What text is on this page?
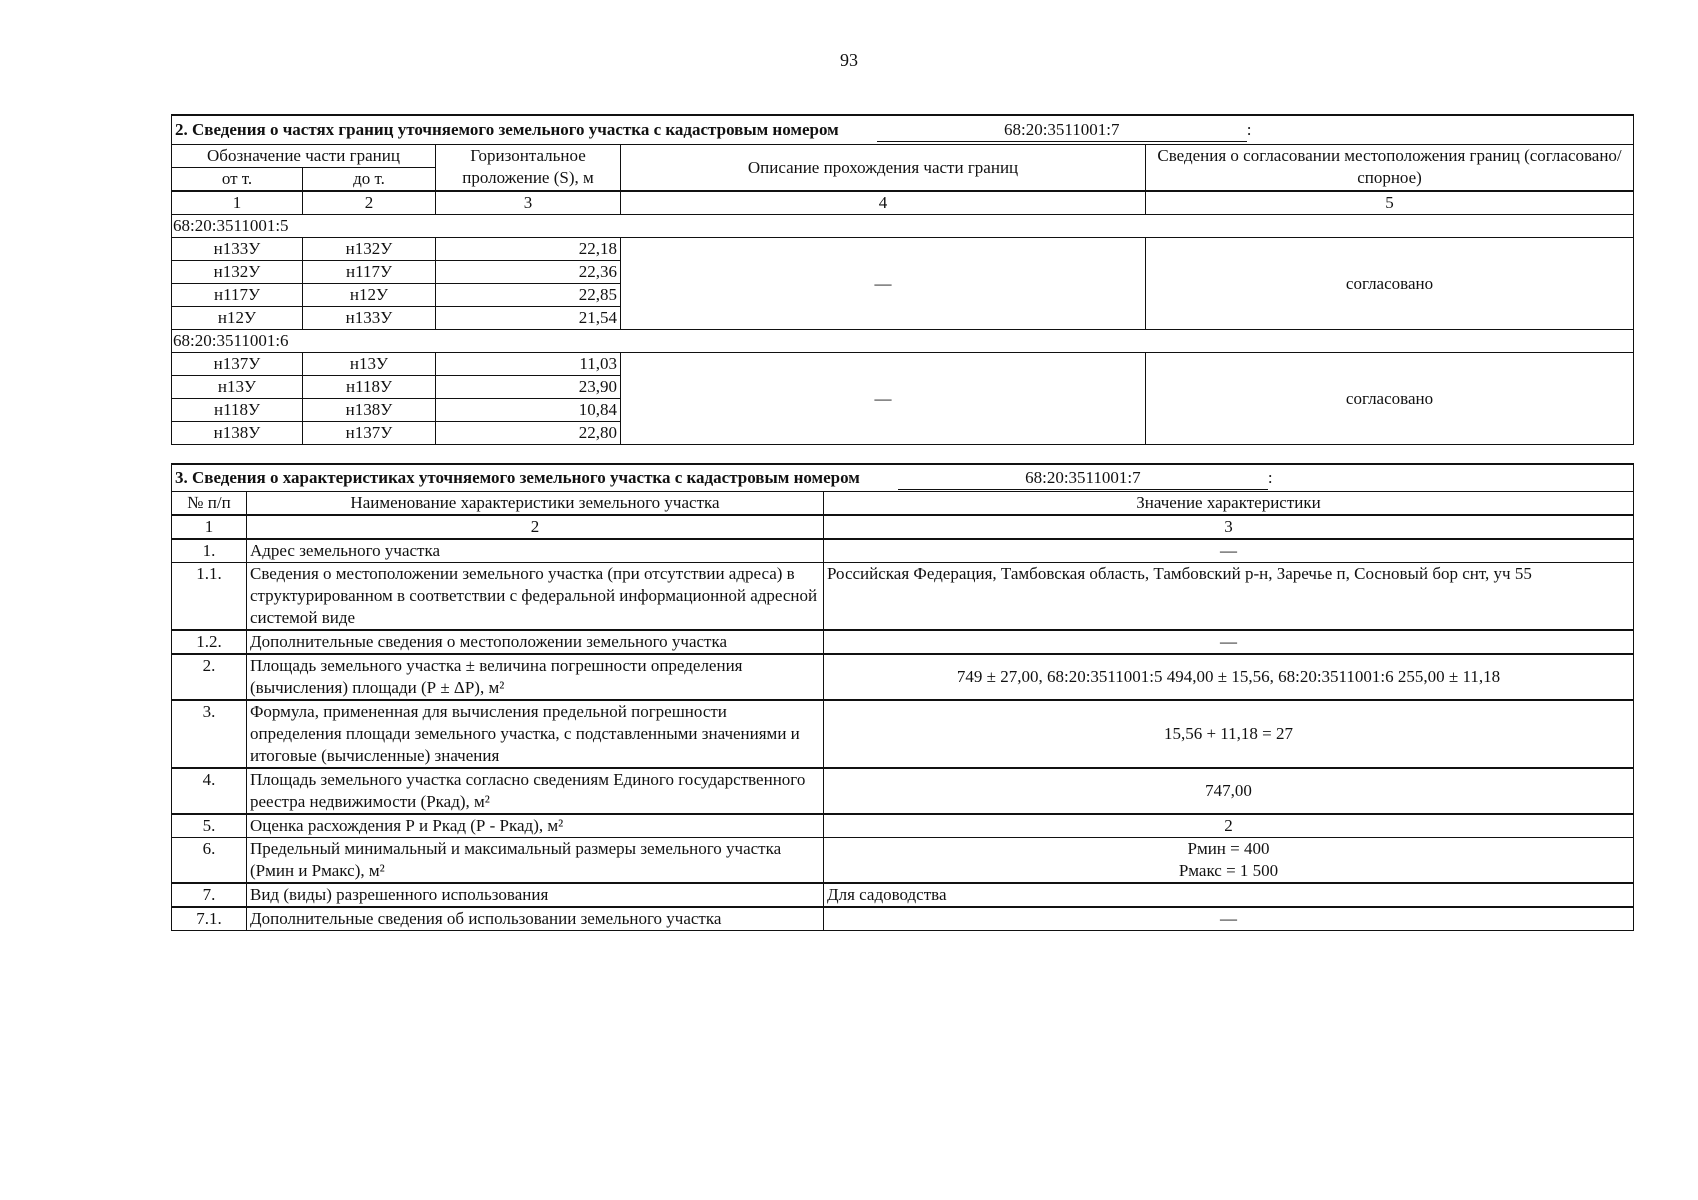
93
2. Сведения о частях границ уточняемого земельного участка с кадастровым номером 68:20:3511001:7 :				
Обозначение части границ		Горизонтальное проложение (S), м	Описание прохождения части границ	Сведения о согласовании местоположения границ (согласовано/спорное)
от т.	до т.			
1	2	3	4	5
68:20:3511001:5				
н133У	н132У	22,18	—	согласовано
н132У	н117У	22,36		
н117У	н12У	22,85		
н12У	н133У	21,54		
68:20:3511001:6				
н137У	н13У	11,03	—	согласовано
н13У	н118У	23,90		
н118У	н138У	10,84		
н138У	н137У	22,80		
3. Сведения о характеристиках уточняемого земельного участка с кадастровым номером 68:20:3511001:7 :		
№ п/п	Наименование характеристики земельного участка	Значение характеристики
1	2	3
1.	Адрес земельного участка	—
1.1.	Сведения о местоположении земельного участка (при отсутствии адреса) в структурированном в соответствии с федеральной информационной адресной системой виде	Российская Федерация, Тамбовская область, Тамбовский р-н, Заречье п, Сосновый бор снт, уч 55
1.2.	Дополнительные сведения о местоположении земельного участка	—
2.	Площадь земельного участка ± величина погрешности определения (вычисления) площади (Р ± ΔР), м²	749 ± 27,00, 68:20:3511001:5 494,00 ± 15,56, 68:20:3511001:6 255,00 ± 11,18
3.	Формула, примененная для вычисления предельной погрешности определения площади земельного участка, с подставленными значениями и итоговые (вычисленные) значения	15,56 + 11,18 = 27
4.	Площадь земельного участка согласно сведениям Единого государственного реестра недвижимости (Ркад), м²	747,00
5.	Оценка расхождения Р и Ркад (Р - Ркад), м²	2
6.	Предельный минимальный и максимальный размеры земельного участка (Рмин и Рмакс), м²	Рмин = 400
Рмакс = 1 500

7.	Вид (виды) разрешенного использования	Для садоводства
7.1.	Дополнительные сведения об использовании земельного участка	—
